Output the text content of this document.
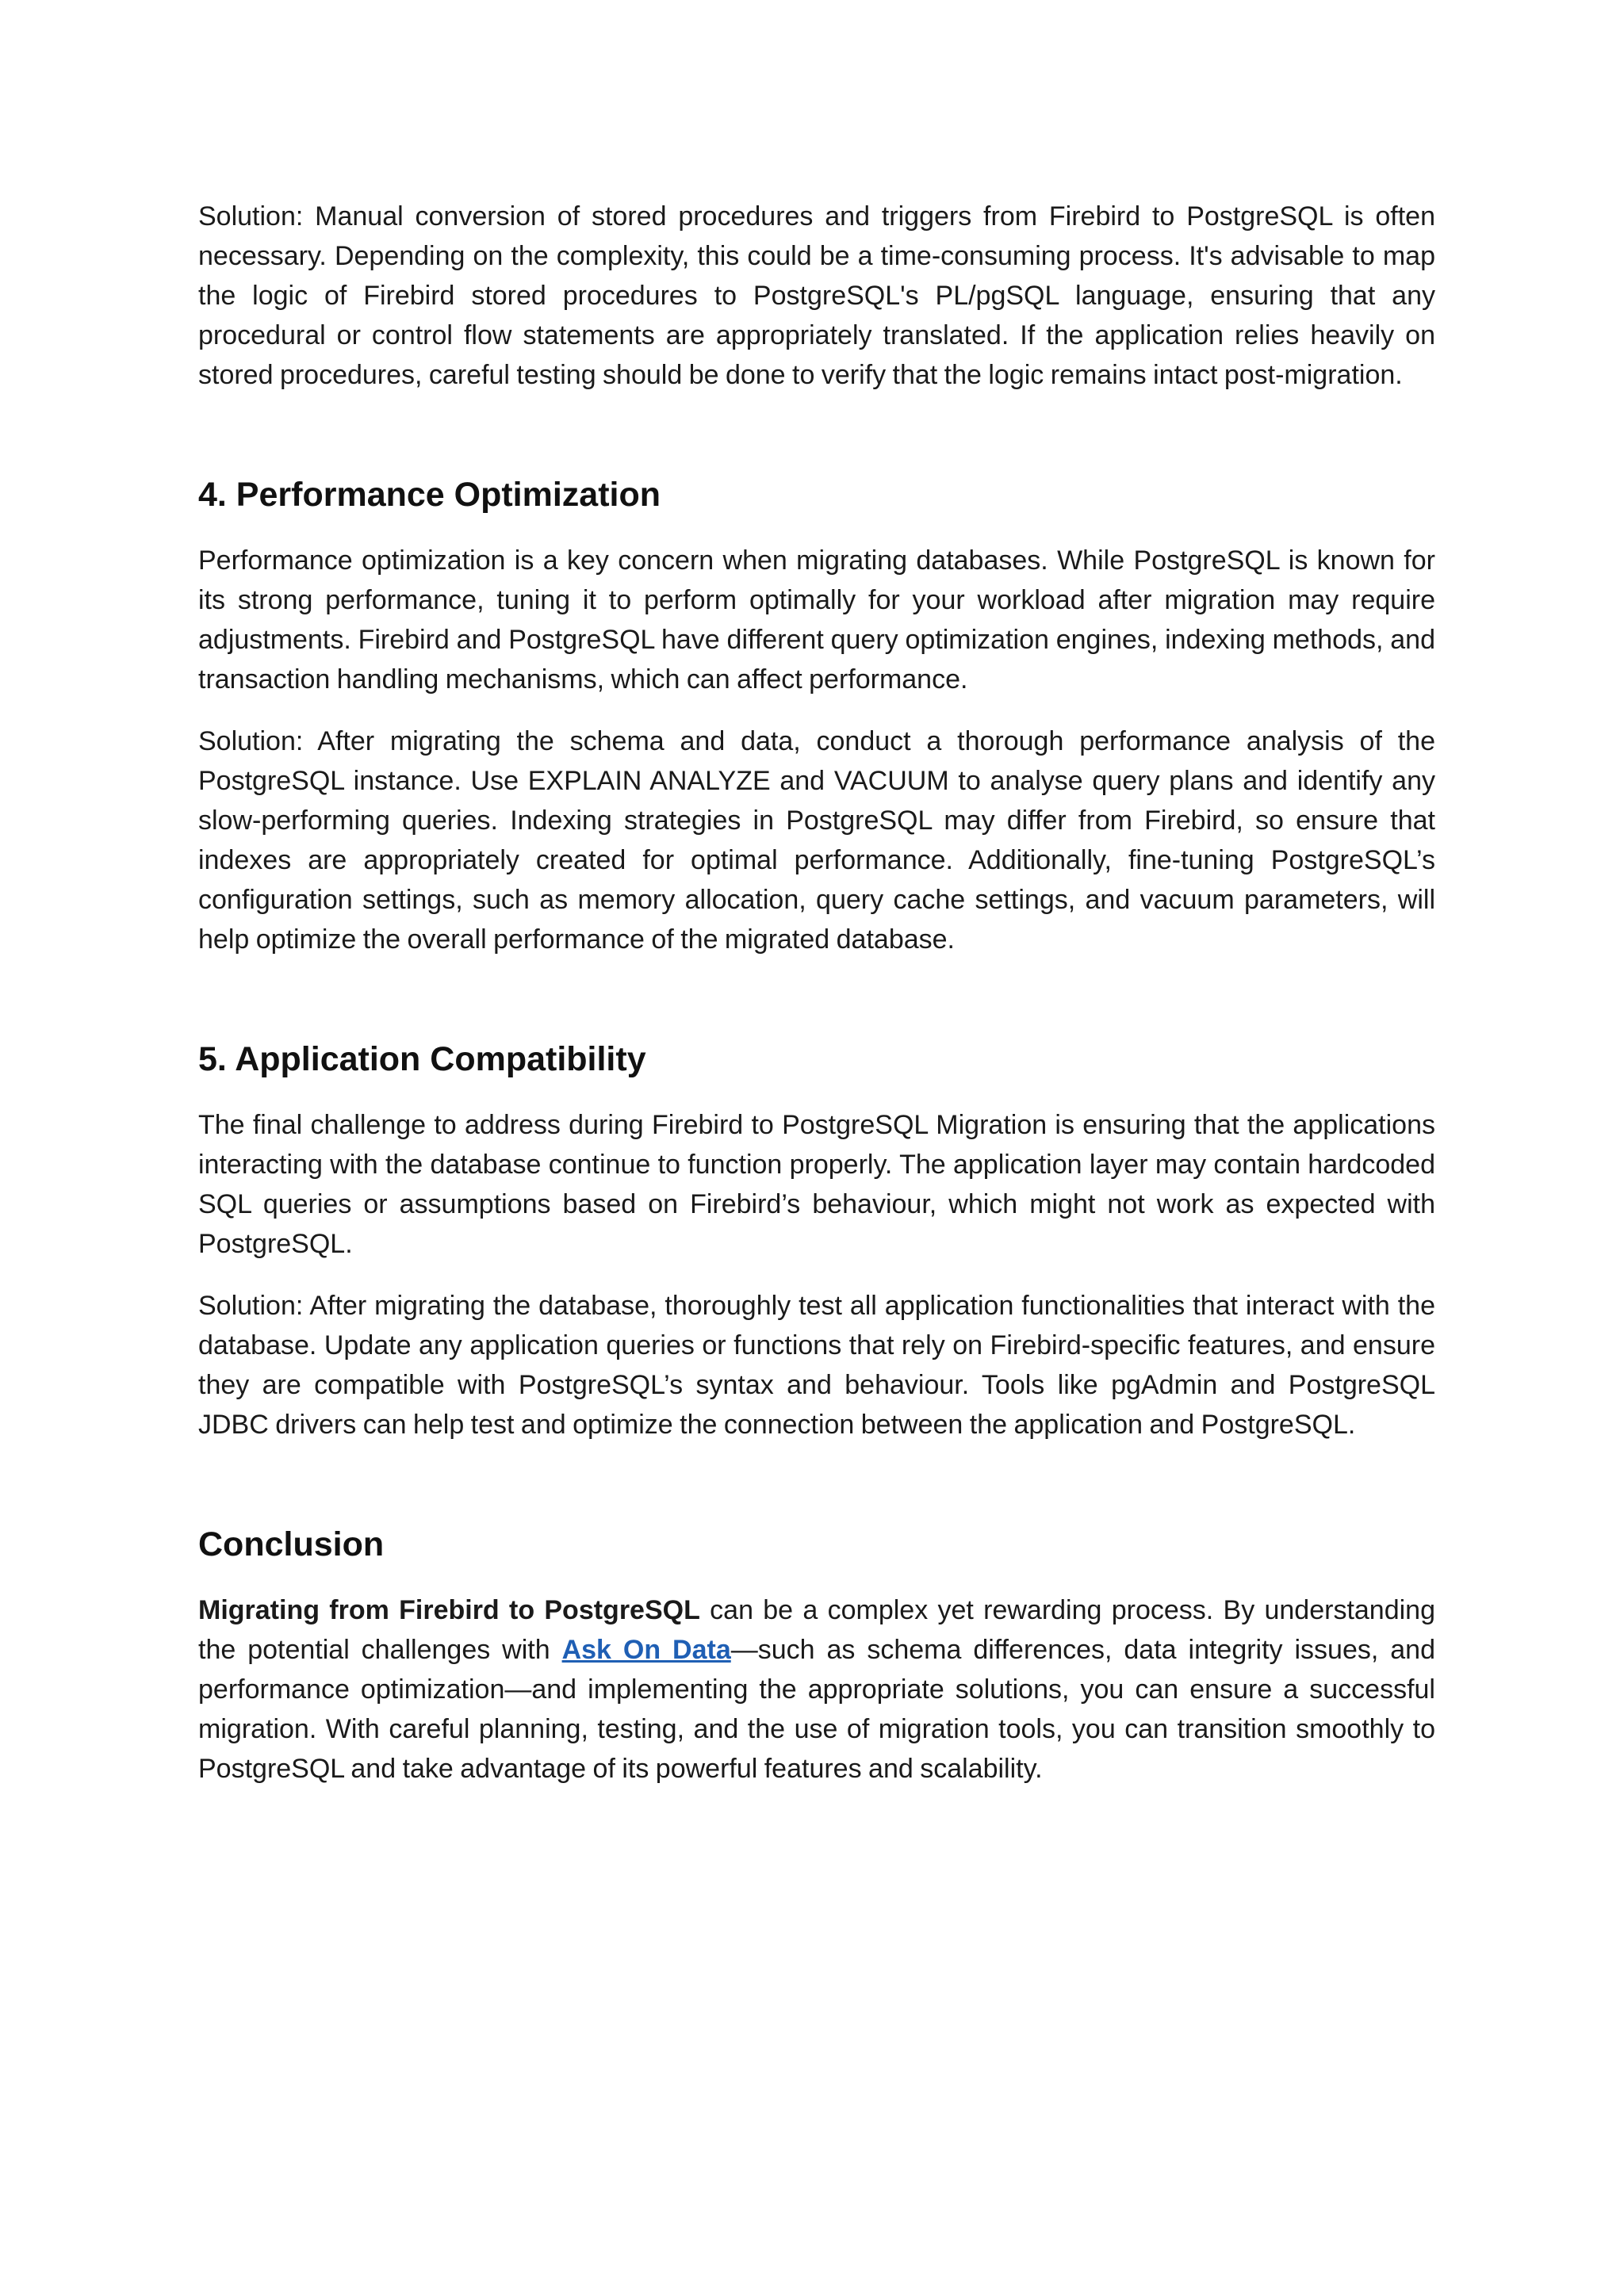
Solution: Manual conversion of stored procedures and triggers from Firebird to PostgreSQL is often necessary. Depending on the complexity, this could be a time-consuming process. It's advisable to map the logic of Firebird stored procedures to PostgreSQL's PL/pgSQL language, ensuring that any procedural or control flow statements are appropriately translated. If the application relies heavily on stored procedures, careful testing should be done to verify that the logic remains intact post-migration.

4. Performance Optimization

Performance optimization is a key concern when migrating databases. While PostgreSQL is known for its strong performance, tuning it to perform optimally for your workload after migration may require adjustments. Firebird and PostgreSQL have different query optimization engines, indexing methods, and transaction handling mechanisms, which can affect performance.

Solution: After migrating the schema and data, conduct a thorough performance analysis of the PostgreSQL instance. Use EXPLAIN ANALYZE and VACUUM to analyse query plans and identify any slow-performing queries. Indexing strategies in PostgreSQL may differ from Firebird, so ensure that indexes are appropriately created for optimal performance. Additionally, fine-tuning PostgreSQL’s configuration settings, such as memory allocation, query cache settings, and vacuum parameters, will help optimize the overall performance of the migrated database.

5. Application Compatibility

The final challenge to address during Firebird to PostgreSQL Migration is ensuring that the applications interacting with the database continue to function properly. The application layer may contain hardcoded SQL queries or assumptions based on Firebird’s behaviour, which might not work as expected with PostgreSQL.

Solution: After migrating the database, thoroughly test all application functionalities that interact with the database. Update any application queries or functions that rely on Firebird-specific features, and ensure they are compatible with PostgreSQL’s syntax and behaviour. Tools like pgAdmin and PostgreSQL JDBC drivers can help test and optimize the connection between the application and PostgreSQL.

Conclusion

Migrating from Firebird to PostgreSQL can be a complex yet rewarding process. By understanding the potential challenges with Ask On Data—such as schema differences, data integrity issues, and performance optimization—and implementing the appropriate solutions, you can ensure a successful migration. With careful planning, testing, and the use of migration tools, you can transition smoothly to PostgreSQL and take advantage of its powerful features and scalability.
